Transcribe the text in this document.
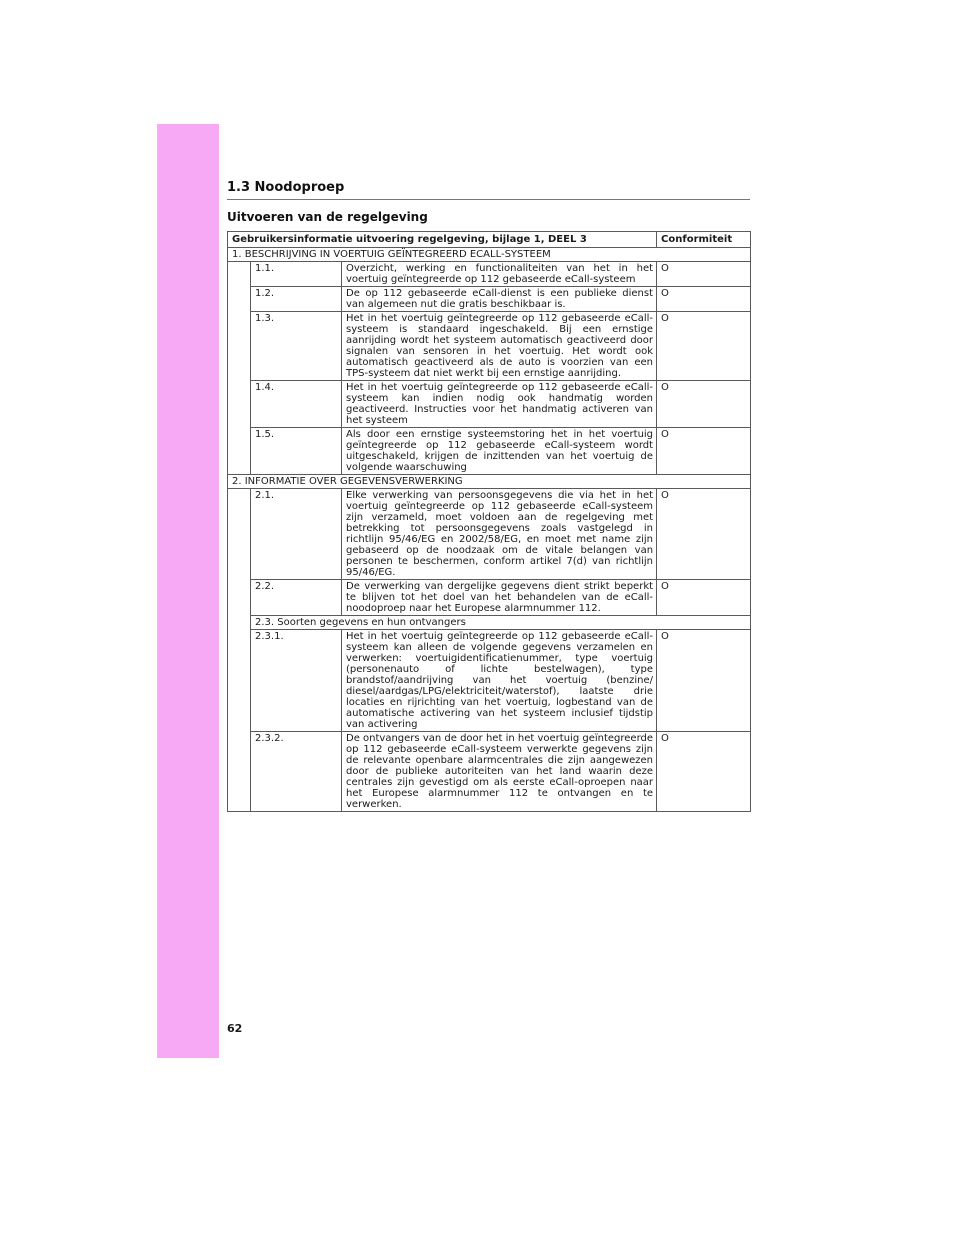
1.3 Noodoproep
Uitvoeren van de regelgeving
Gebruikersinformatie uitvoering regelgeving, bijlage 1, DEEL 3			Conformiteit
1. BESCHRIJVING IN VOERTUIG GEÏNTEGREERD ECALL-SYSTEEM			
	1.1.	Overzicht, werking en functionaliteiten van het in het voertuig geïntegreerde op 112 gebaseerde eCall-systeem	O
	1.2.	De op 112 gebaseerde eCall-dienst is een publieke dienst van algemeen nut die gratis beschikbaar is.	O
	1.3.	Het in het voertuig geïntegreerde op 112 gebaseerde eCall-systeem is standaard ingeschakeld. Bij een ernstige aanrijding wordt het systeem automatisch geactiveerd door signalen van sensoren in het voertuig. Het wordt ook automatisch geactiveerd als de auto is voorzien van een TPS-systeem dat niet werkt bij een ernstige aanrijding.	O
	1.4.	Het in het voertuig geïntegreerde op 112 gebaseerde eCall-systeem kan indien nodig ook handmatig worden geactiveerd. Instructies voor het handmatig activeren van het systeem	O
	1.5.	Als door een ernstige systeemstoring het in het voertuig geïntegreerde op 112 gebaseerde eCall-systeem wordt uitgeschakeld, krijgen de inzittenden van het voertuig de volgende waarschuwing	O
2. INFORMATIE OVER GEGEVENSVERWERKING			
	2.1.	Elke verwerking van persoonsgegevens die via het in het voertuig geïntegreerde op 112 gebaseerde eCall-systeem zijn verzameld, moet voldoen aan de regelgeving met betrekking tot persoonsgegevens zoals vastgelegd in richtlijn 95/46/EG en 2002/58/EG, en moet met name zijn gebaseerd op de noodzaak om de vitale belangen van personen te beschermen, conform artikel 7(d) van richtlijn 95/46/EG.	O
	2.2.	De verwerking van dergelijke gegevens dient strikt beperkt te blijven tot het doel van het behandelen van de eCall-noodoproep naar het Europese alarmnummer 112.	O
	2.3. Soorten gegevens en hun ontvangers		
	2.3.1.	Het in het voertuig geïntegreerde op 112 gebaseerde eCall-systeem kan alleen de volgende gegevens verzamelen en verwerken: voertuigidentificatienummer, type voertuig (personenauto of lichte bestelwagen), type brandstof/aandrijving van het voertuig (benzine/ diesel/aardgas/LPG/elektriciteit/waterstof), laatste drie locaties en rijrichting van het voertuig, logbestand van de automatische activering van het systeem inclusief tijdstip van activering	O
	2.3.2.	De ontvangers van de door het in het voertuig geïntegreerde op 112 gebaseerde eCall-systeem verwerkte gegevens zijn de relevante openbare alarmcentrales die zijn aangewezen door de publieke autoriteiten van het land waarin deze centrales zijn gevestigd om als eerste eCall-oproepen naar het Europese alarmnummer 112 te ontvangen en te verwerken.	O
62
